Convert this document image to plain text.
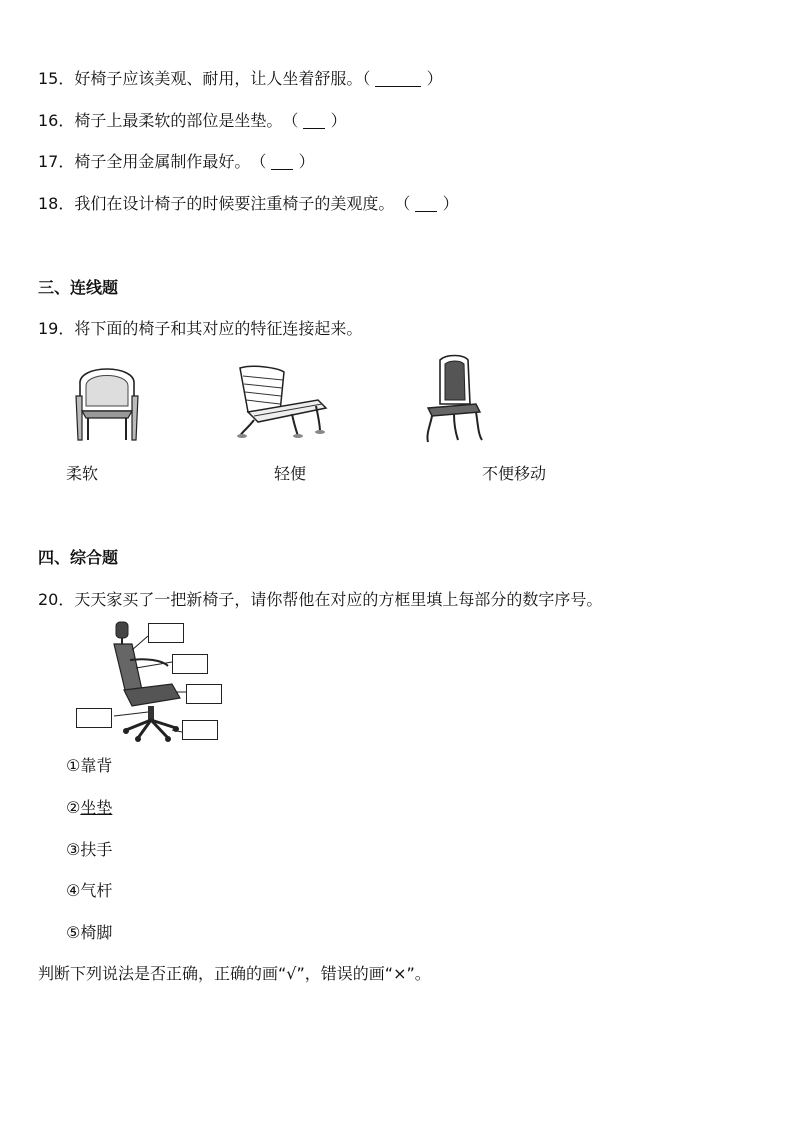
15．好椅子应该美观、耐用，让人坐着舒服。（	）
16．椅子上最柔软的部位是坐垫。　（ ）
17．椅子全用金属制作最好。　（ ）
18．我们在设计椅子的时候要注重椅子的美观度。　（ ）
三、连线题
19．将下面的椅子和其对应的特征连接起来。
柔软	轻便	不便移动
四、综合题
20．天天家买了一把新椅子，请你帮他在对应的方框里填上每部分的数字序号。
①靠背
②坐垫
③扶手
④气杆
⑤椅脚
判断下列说法是否正确，正确的画“√”，错误的画“×”。
